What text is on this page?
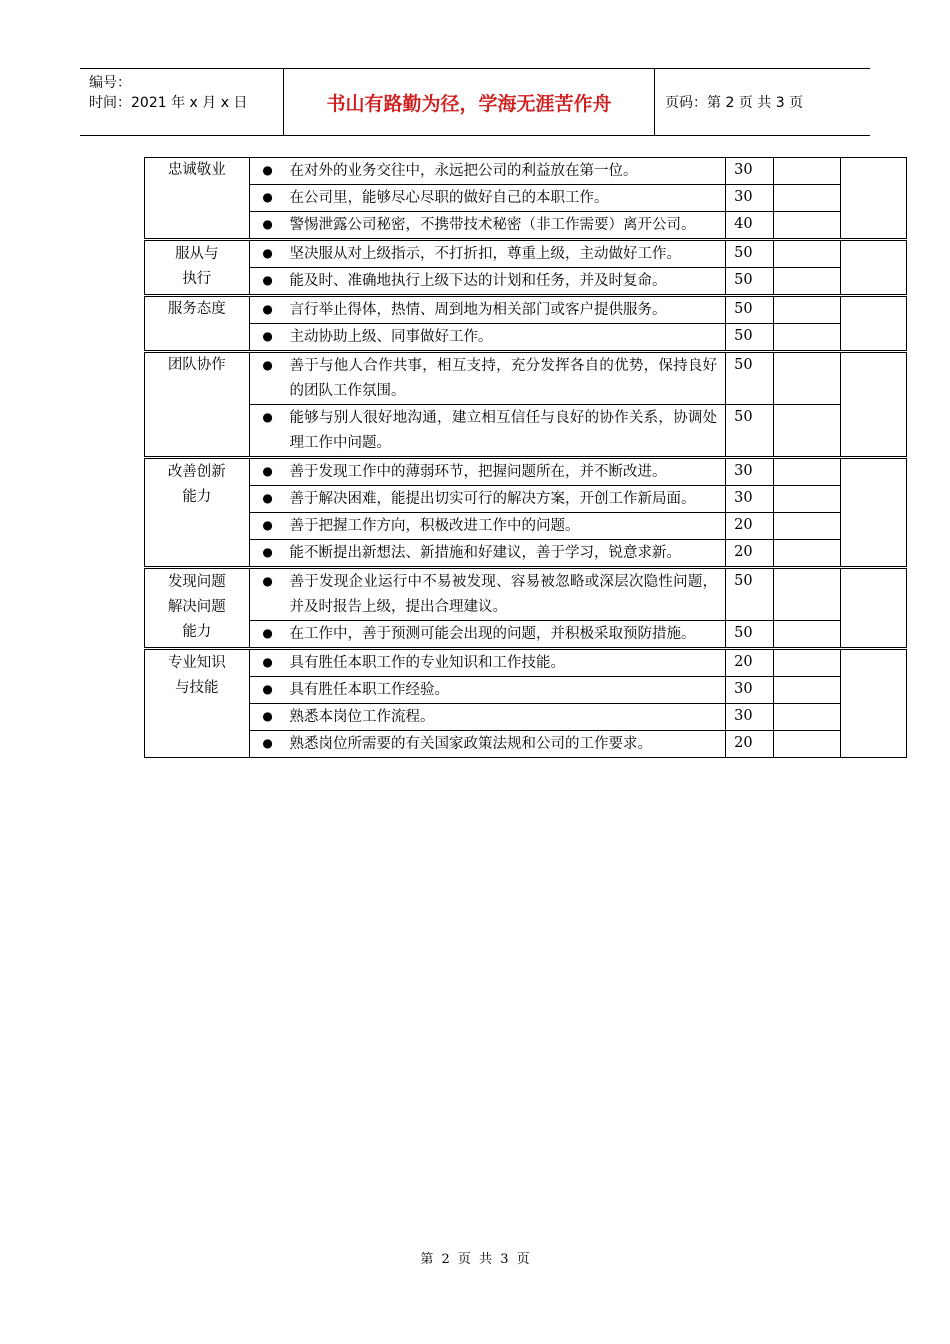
编号：
时间：2021 年 x 月 x 日	书山有路勤为径，学海无涯苦作舟	页码：第 2 页 共 3 页
忠诚敬业	●	在对外的业务交往中，永远把公司的利益放在第一位。	30		
	●	在公司里，能够尽心尽职的做好自己的本职工作。	30		
	●	警惕泄露公司秘密，不携带技术秘密（非工作需要）离开公司。	40		
服从与执行	●	坚决服从对上级指示，不打折扣，尊重上级，主动做好工作。	50		
	●	能及时、准确地执行上级下达的计划和任务，并及时复命。	50		
服务态度	●	言行举止得体，热情、周到地为相关部门或客户提供服务。	50		
	●	主动协助上级、同事做好工作。	50		
团队协作	●	善于与他人合作共事，相互支持，充分发挥各自的优势，保持良好的团队工作氛围。	50		
	●	能够与别人很好地沟通，建立相互信任与良好的协作关系，协调处理工作中问题。	50		
改善创新能力	●	善于发现工作中的薄弱环节，把握问题所在，并不断改进。	30		
	●	善于解决困难，能提出切实可行的解决方案，开创工作新局面。	30		
	●	善于把握工作方向，积极改进工作中的问题。	20		
	●	能不断提出新想法、新措施和好建议，善于学习，锐意求新。	20		
发现问题解决问题能力	●	善于发现企业运行中不易被发现、容易被忽略或深层次隐性问题，并及时报告上级，提出合理建议。	50		
	●	在工作中，善于预测可能会出现的问题，并积极采取预防措施。	50		
专业知识与技能	●	具有胜任本职工作的专业知识和工作技能。	20		
	●	具有胜任本职工作经验。	30		
	●	熟悉本岗位工作流程。	30		
	●	熟悉岗位所需要的有关国家政策法规和公司的工作要求。	20		
第 2 页 共 3 页
